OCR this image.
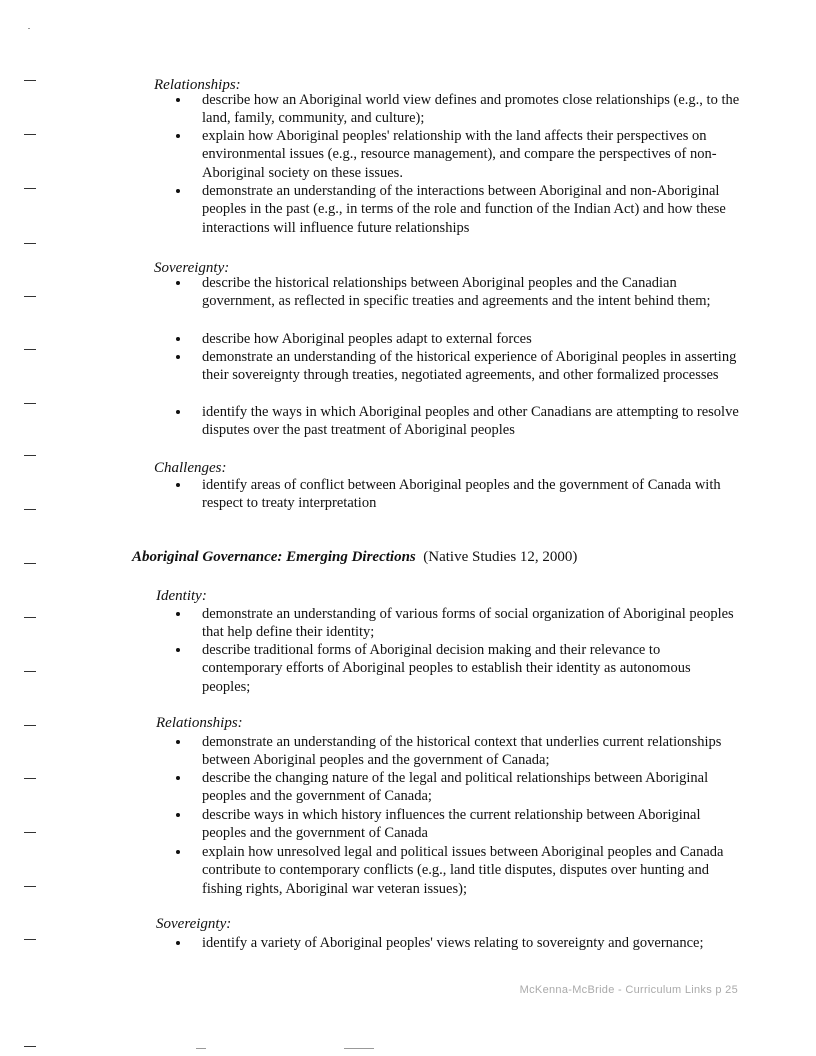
Relationships:
describe how an Aboriginal world view defines and promotes close relationships (e.g., to the land, family, community, and culture);
explain how Aboriginal peoples' relationship with the land affects their perspectives on environmental issues (e.g., resource management), and compare the perspectives of non-Aboriginal society on these issues.
demonstrate an understanding of the interactions between Aboriginal and non-Aboriginal peoples in the past (e.g., in terms of the role and function of the Indian Act) and how these interactions will influence future relationships
Sovereignty:
describe the historical relationships between Aboriginal peoples and the Canadian government, as reflected in specific treaties and agreements and the intent behind them;
describe how Aboriginal peoples adapt to external forces
demonstrate an understanding of the historical experience of Aboriginal peoples in asserting their sovereignty through treaties, negotiated agreements, and other formalized processes
identify the ways in which Aboriginal peoples and other Canadians are attempting to resolve disputes over the past treatment of Aboriginal peoples
Challenges:
identify areas of conflict between Aboriginal peoples and the government of Canada with respect to treaty interpretation
Aboriginal Governance: Emerging Directions (Native Studies 12, 2000)
Identity:
demonstrate an understanding of various forms of social organization of Aboriginal peoples that help define their identity;
describe traditional forms of Aboriginal decision making and their relevance to contemporary efforts of Aboriginal peoples to establish their identity as autonomous peoples;
Relationships:
demonstrate an understanding of the historical context that underlies current relationships between Aboriginal peoples and the government of Canada;
describe the changing nature of the legal and political relationships between Aboriginal peoples and the government of Canada;
describe ways in which history influences the current relationship between Aboriginal peoples and the government of Canada
explain how unresolved legal and political issues between Aboriginal peoples and Canada contribute to contemporary conflicts (e.g., land title disputes, disputes over hunting and fishing rights, Aboriginal war veteran issues);
Sovereignty:
identify a variety of Aboriginal peoples' views relating to sovereignty and governance;
McKenna-McBride - Curriculum Links p 25
